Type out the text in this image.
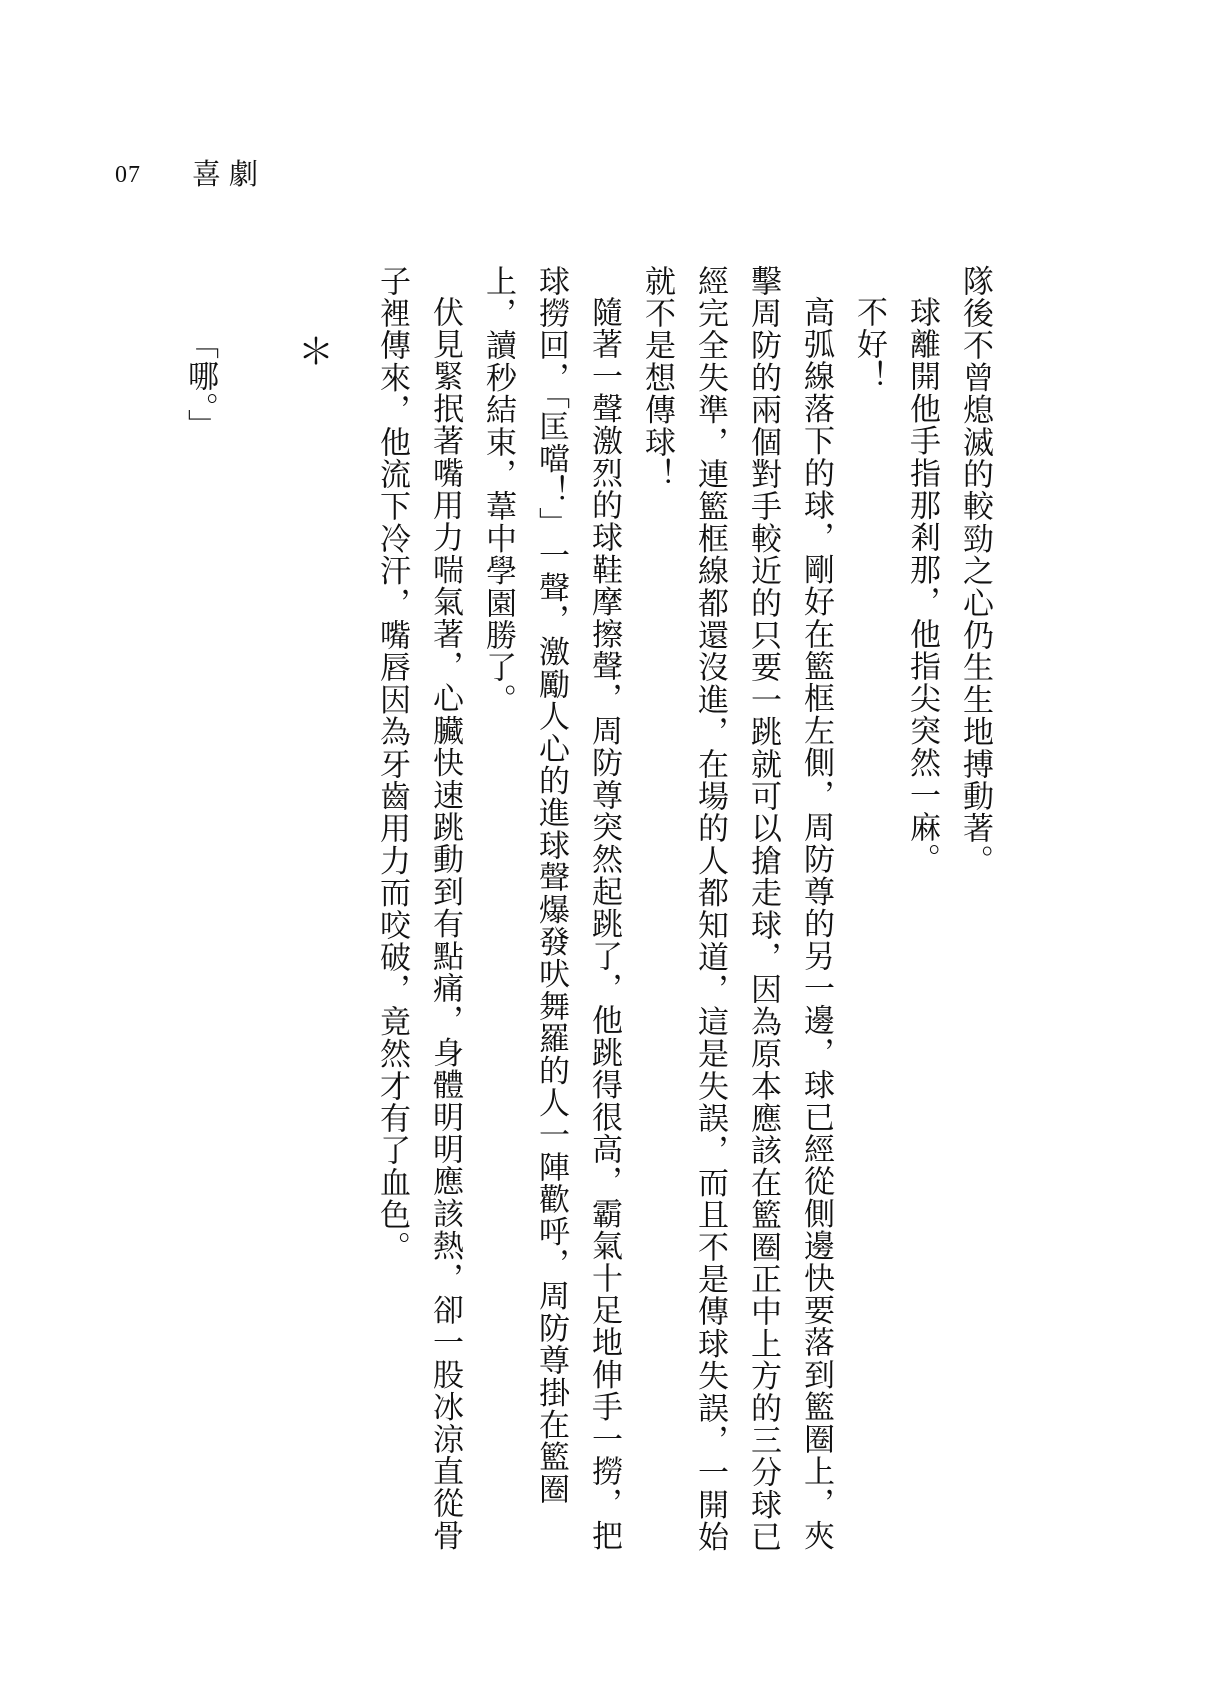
07 喜劇

隊後不曾熄滅的較勁之心仍生生地搏動著。

球離開他手指那剎那，他指尖突然一麻。

不好！

高弧線落下的球，剛好在籃框左側，周防尊的另一邊，球已經從側邊快要落到籃圈上，夾擊周防的兩個對手較近的只要一跳就可以搶走球，因為原本應該在籃圈正中上方的三分球已經完全失準，連籃框線都還沒進，在場的人都知道，這是失誤，而且不是傳球失誤，一開始就不是想傳球！

隨著一聲激烈的球鞋摩擦聲，周防尊突然起跳了，他跳得很高，霸氣十足地伸手一撈，把球撈回，「匡噹！」一聲，激勵人心的進球聲爆發吠舞羅的人一陣歡呼，周防尊掛在籃圈上，讀秒結束，葦中學園勝了。

伏見緊抿著嘴用力喘氣著，心臟快速跳動到有點痛，身體明明應該熱，卻一股冰涼直從骨子裡傳來，他流下冷汗，嘴唇因為牙齒用力而咬破，竟然才有了血色。

＊
「哪。」
